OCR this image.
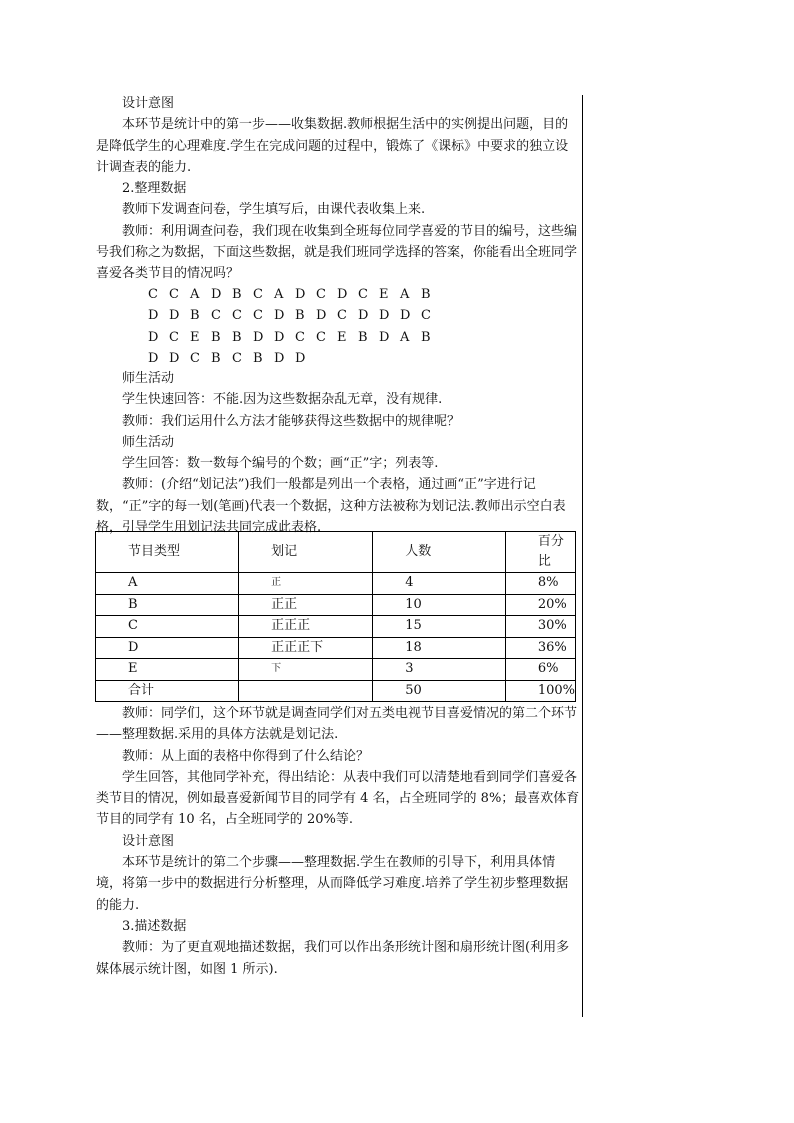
设计意图

本环节是统计中的第一步——收集数据.教师根据生活中的实例提出问题，目的是降低学生的心理难度.学生在完成问题的过程中，锻炼了《课标》中要求的独立设计调查表的能力.

2.整理数据

教师下发调查问卷，学生填写后，由课代表收集上来.

教师：利用调查问卷，我们现在收集到全班每位同学喜爱的节目的编号，这些编号我们称之为数据，下面这些数据，就是我们班同学选择的答案，你能看出全班同学喜爱各类节目的情况吗？

C C A D B C A D C D C E A B

D D B C C C D B D C D D D C

D C E B B D D C C E B D A B

D D C B C B D D

师生活动

学生快速回答：不能.因为这些数据杂乱无章，没有规律.

教师：我们运用什么方法才能够获得这些数据中的规律呢？

师生活动

学生回答：数一数每个编号的个数；画“正”字；列表等.

教师：(介绍“划记法”)我们一般都是列出一个表格，通过画“正”字进行记数，“正”字的每一划(笔画)代表一个数据，这种方法被称为划记法.教师出示空白表格，引导学生用划记法共同完成此表格.

节目类型	划记	人数	百分比
A	正	4	8%
B	正正	10	20%
C	正正正	15	30%
D	正正正下	18	36%
E	下	3	6%
合计		50	100%

教师：同学们，这个环节就是调查同学们对五类电视节目喜爱情况的第二个环节——整理数据.采用的具体方法就是划记法.

教师：从上面的表格中你得到了什么结论？

学生回答，其他同学补充，得出结论：从表中我们可以清楚地看到同学们喜爱各类节目的情况，例如最喜爱新闻节目的同学有 4 名，占全班同学的 8%；最喜欢体育节目的同学有 10 名，占全班同学的 20%等.

设计意图

本环节是统计的第二个步骤——整理数据.学生在教师的引导下，利用具体情境，将第一步中的数据进行分析整理，从而降低学习难度.培养了学生初步整理数据的能力.

3.描述数据

教师：为了更直观地描述数据，我们可以作出条形统计图和扇形统计图(利用多媒体展示统计图，如图 1 所示).
